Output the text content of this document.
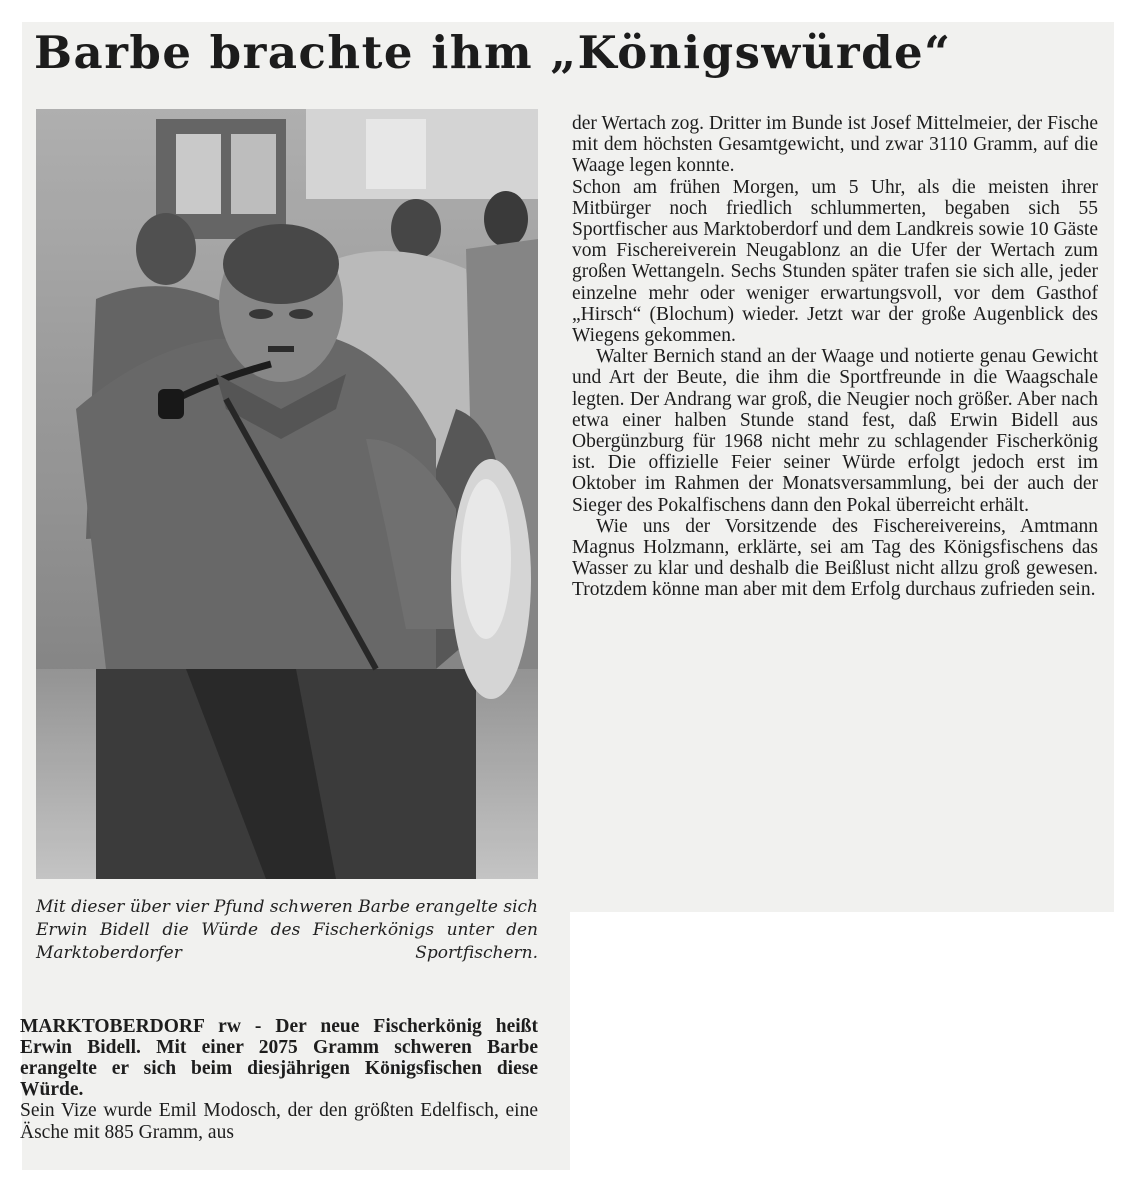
Barbe brachte ihm „Königswürde“

Mit dieser über vier Pfund schweren Barbe erangelte sich Erwin Bidell die Würde des Fischerkönigs unter den Marktoberdorfer Sportfischern.

MARKTOBERDORF rw - Der neue Fischerkönig heißt Erwin Bidell. Mit einer 2075 Gramm schweren Barbe erangelte er sich beim diesjährigen Königsfischen diese Würde.

Sein Vize wurde Emil Modosch, der den größten Edelfisch, eine Äsche mit 885 Gramm, aus

der Wertach zog. Dritter im Bunde ist Josef Mittelmeier, der Fische mit dem höchsten Gesamtgewicht, und zwar 3110 Gramm, auf die Waage legen konnte.

Schon am frühen Morgen, um 5 Uhr, als die meisten ihrer Mitbürger noch friedlich schlummerten, begaben sich 55 Sportfischer aus Marktoberdorf und dem Landkreis sowie 10 Gäste vom Fischereiverein Neugablonz an die Ufer der Wertach zum großen Wettangeln. Sechs Stunden später trafen sie sich alle, jeder einzelne mehr oder weniger erwartungsvoll, vor dem Gasthof „Hirsch“ (Blochum) wieder. Jetzt war der große Augenblick des Wiegens gekommen.

Walter Bernich stand an der Waage und notierte genau Gewicht und Art der Beute, die ihm die Sportfreunde in die Waagschale legten. Der Andrang war groß, die Neugier noch größer. Aber nach etwa einer halben Stunde stand fest, daß Erwin Bidell aus Obergünzburg für 1968 nicht mehr zu schlagender Fischerkönig ist. Die offizielle Feier seiner Würde erfolgt jedoch erst im Oktober im Rahmen der Monatsversammlung, bei der auch der Sieger des Pokalfischens dann den Pokal überreicht erhält.

Wie uns der Vorsitzende des Fischereivereins, Amtmann Magnus Holzmann, erklärte, sei am Tag des Königsfischens das Wasser zu klar und deshalb die Beißlust nicht allzu groß gewesen. Trotzdem könne man aber mit dem Erfolg durchaus zufrieden sein.
